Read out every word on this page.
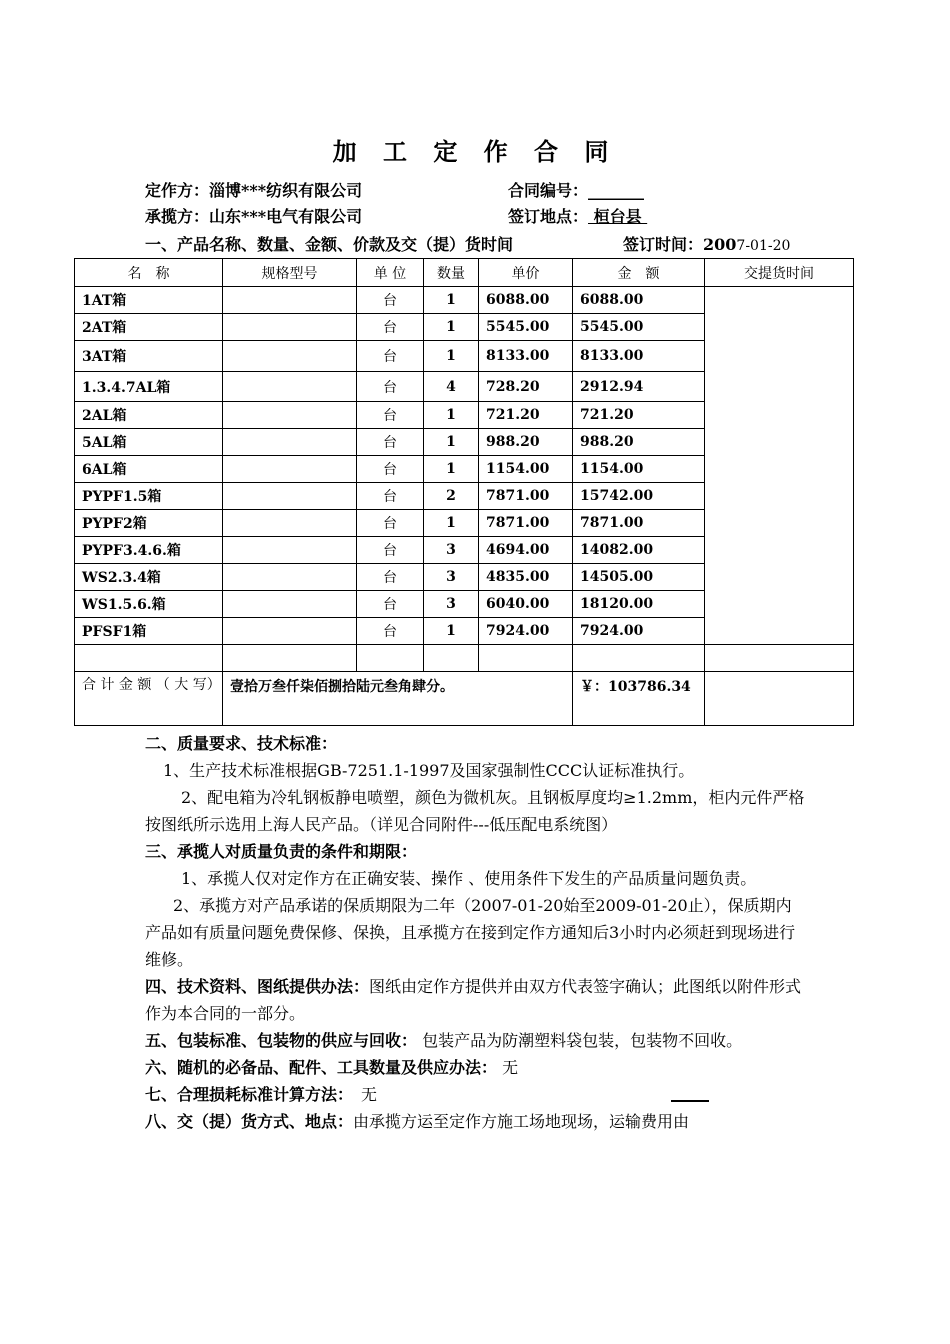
加 工 定 作 合 同
定作方：淄博***纺织有限公司	合同编号：_______
承揽方：山东***电气有限公司	签订地点： 桓台县
一、产品名称、数量、金额、价款及交（提）货时间	签订时间：2007-01-20
名　称	规格型号	单 位	数量	单价	金　额	交提货时间
1AT箱		台	1	6088.00	6088.00	
2AT箱		台	1	5545.00	5545.00	
3AT箱		台	1	8133.00	8133.00	
1.3.4.7AL箱		台	4	728.20	2912.94	
2AL箱		台	1	721.20	721.20	
5AL箱		台	1	988.20	988.20	
6AL箱		台	1	1154.00	1154.00	
PYPF1.5箱		台	2	7871.00	15742.00	
PYPF2箱		台	1	7871.00	7871.00	
PYPF3.4.6.箱		台	3	4694.00	14082.00	
WS2.3.4箱		台	3	4835.00	14505.00	
WS1.5.6.箱		台	3	6040.00	18120.00	
PFSF1箱		台	1	7924.00	7924.00	

合 计 金 额 （ 大 写）	壹拾万叁仟柒佰捌拾陆元叁角肆分。				￥：103786.34	

二、质量要求、技术标准：

1、生产技术标准根据GB-7251.1-1997及国家强制性CCC认证标准执行。

2、配电箱为冷轧钢板静电喷塑，颜色为微机灰。且钢板厚度均≥1.2mm，柜内元件严格按图纸所示选用上海人民产品。（详见合同附件---低压配电系统图）

三、承揽人对质量负责的条件和期限：

1、承揽人仅对定作方在正确安装、操作 、使用条件下发生的产品质量问题负责。

2、承揽方对产品承诺的保质期限为二年（2007-01-20始至2009-01-20止），保质期内产品如有质量问题免费保修、保换，且承揽方在接到定作方通知后3小时内必须赶到现场进行维修。

四、技术资料、图纸提供办法：图纸由定作方提供并由双方代表签字确认；此图纸以附件形式作为本合同的一部分。

五、包装标准、包装物的供应与回收： 包装产品为防潮塑料袋包装，包装物不回收。

六、随机的必备品、配件、工具数量及供应办法： 无

七、合理损耗标准计算方法：　无

八、交（提）货方式、地点：由承揽方运至定作方施工场地现场，运输费用由
